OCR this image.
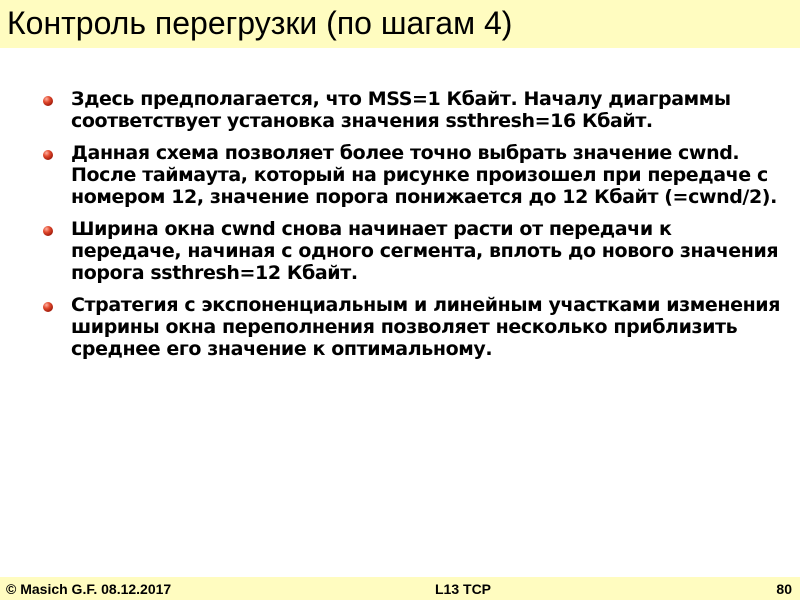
Контроль перегрузки (по шагам 4)
Здесь предполагается, что MSS=1 Кбайт. Началу диаграммы соответствует установка значения ssthresh=16 Кбайт.
Данная схема позволяет более точно выбрать значение cwnd. После таймаута, который на рисунке произошел при передаче с номером 12, значение порога понижается до 12 Кбайт (=cwnd/2).
Ширина окна cwnd снова начинает расти от передачи к передаче, начиная с одного сегмента, вплоть до нового значения порога ssthresh=12 Кбайт.
Стратегия с экспоненциальным и линейным участками изменения ширины окна переполнения позволяет несколько приблизить среднее его значение к оптимальному.
© Masich G.F. 08.12.2017	L13 TCP	80
